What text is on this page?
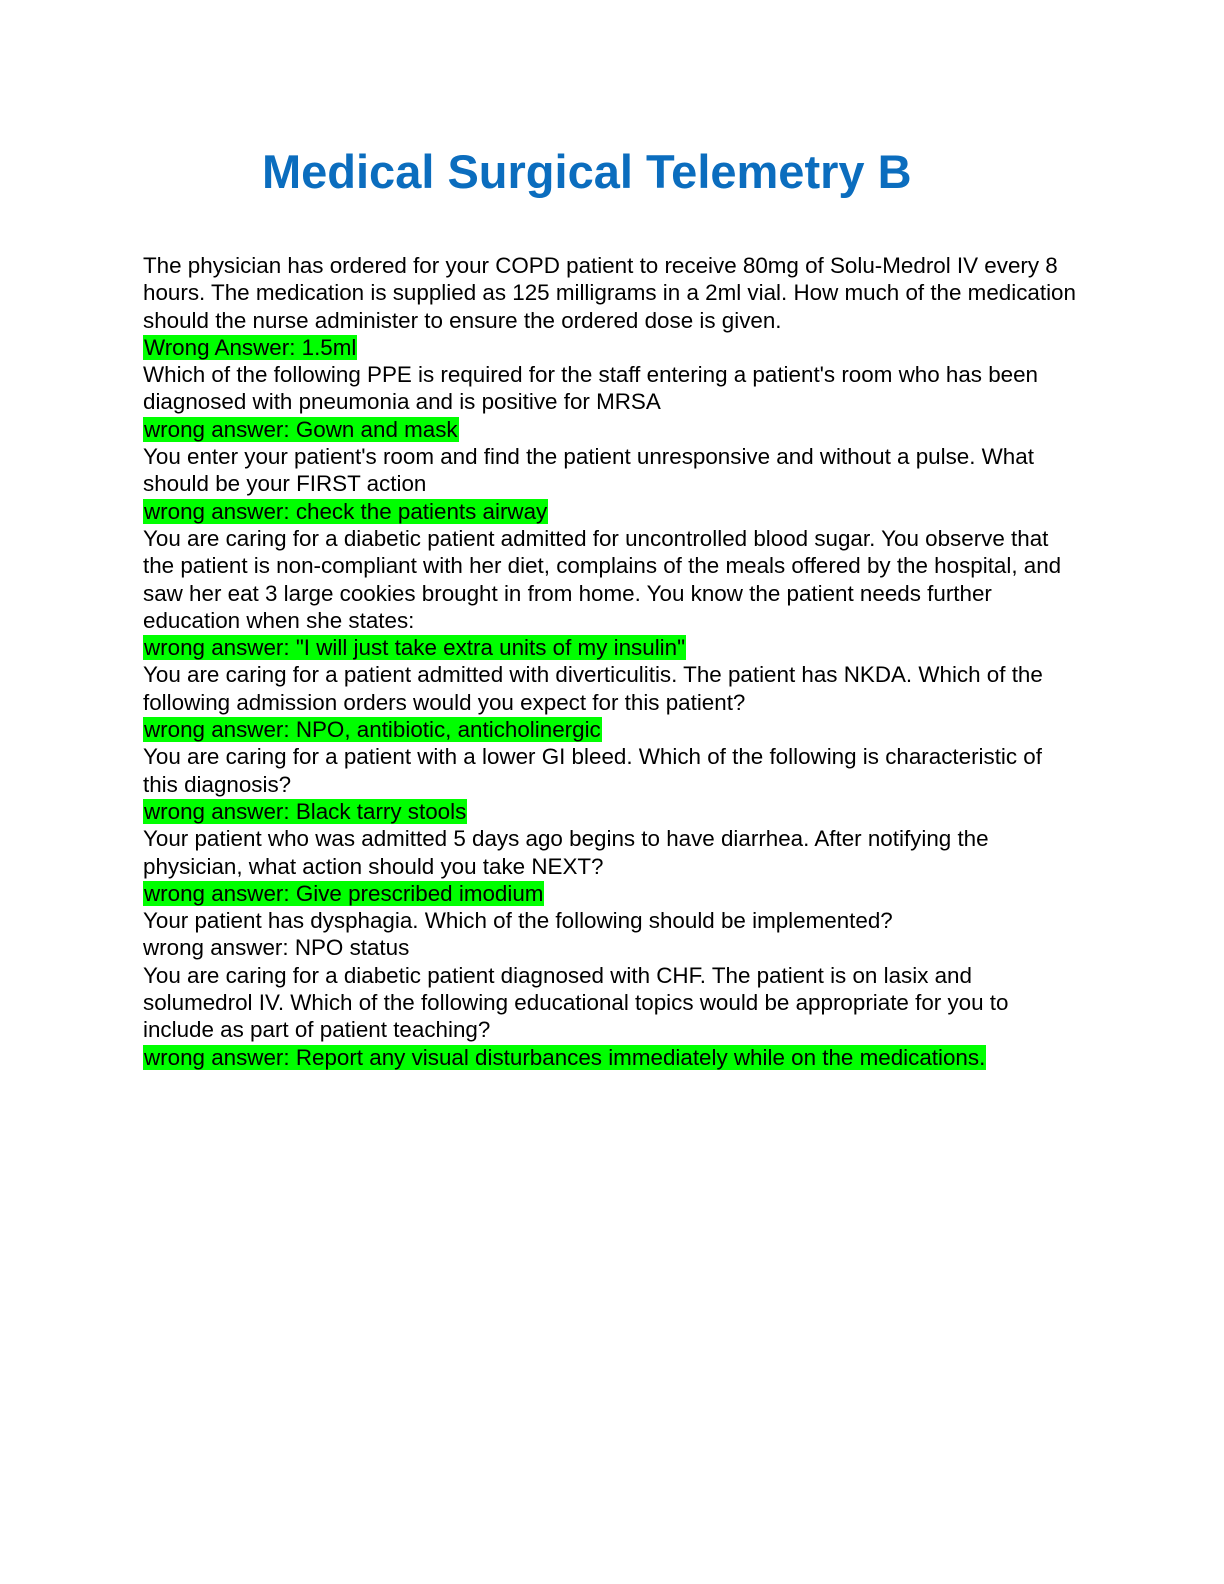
Medical Surgical Telemetry B

The physician has ordered for your COPD patient to receive 80mg of Solu-Medrol IV every 8 hours. The medication is supplied as 125 milligrams in a 2ml vial. How much of the medication should the nurse administer to ensure the ordered dose is given.

Wrong Answer: 1.5ml

Which of the following PPE is required for the staff entering a patient's room who has been diagnosed with pneumonia and is positive for MRSA

wrong answer: Gown and mask

You enter your patient's room and find the patient unresponsive and without a pulse. What should be your FIRST action

wrong answer: check the patients airway

You are caring for a diabetic patient admitted for uncontrolled blood sugar. You observe that the patient is non-compliant with her diet, complains of the meals offered by the hospital, and saw her eat 3 large cookies brought in from home. You know the patient needs further education when she states:

wrong answer: "I will just take extra units of my insulin"

You are caring for a patient admitted with diverticulitis. The patient has NKDA. Which of the following admission orders would you expect for this patient?

wrong answer: NPO, antibiotic, anticholinergic

You are caring for a patient with a lower GI bleed. Which of the following is characteristic of this diagnosis?

wrong answer: Black tarry stools

Your patient who was admitted 5 days ago begins to have diarrhea. After notifying the physician, what action should you take NEXT?

wrong answer: Give prescribed imodium

Your patient has dysphagia. Which of the following should be implemented?

wrong answer: NPO status

You are caring for a diabetic patient diagnosed with CHF. The patient is on lasix and solumedrol IV. Which of the following educational topics would be appropriate for you to include as part of patient teaching?

wrong answer: Report any visual disturbances immediately while on the medications.
